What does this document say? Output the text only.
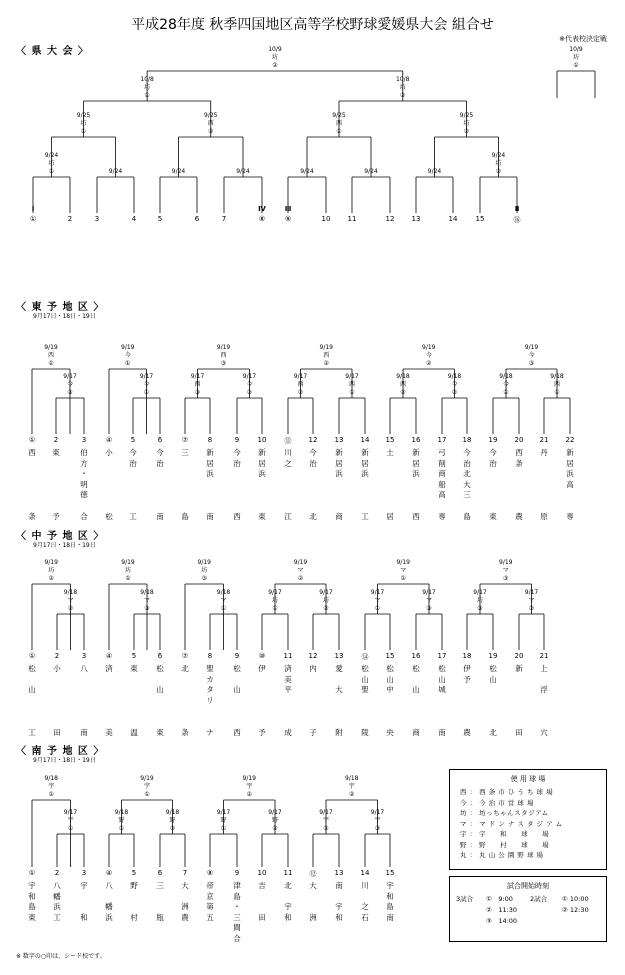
平成28年度 秋季四国地区高等学校野球愛媛県大会 組合せ
※代表校決定戦
〈 県 大 会 〉
〈 東 予 地 区 〉
9月17日・18日・19日
〈 中 予 地 区 〉
9月17日・18日・19日
〈 南 予 地 区 〉
9月17日・18日・19日
①	2	3	4	5	6	7	⑧	⑨	10	11	12	13	14	15	⑯
Ⅰ	Ⅳ	Ⅲ	Ⅱ
9/24
坊
①	9/24	9/24	9/24	9/24	9/24	9/24
9/24
坊
②
9/25
坊
①
9/25
西
②
9/25
西
①
9/25
坊
②
10/8
坊
①
10/8
坊
②
10/9
坊
②
10/9
坊
①
①
西

条
2
東

予
3
伯
方
・
明
徳
合
④
小

松
5
今
治

工
6
今
治

南
⑦
三

島
8
新
居
浜

南
9
今
治

西
10
新
居
浜

東
⑪
川
之

江
12
今
治

北
13
新
居
浜

商
14
新
居
浜

工
15
土

居
16
新
居
浜

西
17
弓
削
商
船
高
専
18
今
治
北
大
三
島
19
今
治

東
20
西
条

農
21
丹

原
22
新
居
浜
高

専
9/17
今
③
9/19
西
①
9/17
今
①
9/19
今
①
9/17
西
③
9/17
今
②
9/19
西
③
9/17
西
②
9/17
西
①
9/19
西
②
9/18
西
②
9/18
今
②
9/19
今
②
9/18
今
①
9/18
西
①
9/19
今
③
①
松

山

工
2
小

田
3
八

南
④
済

美
5
東

温
6
松

山

東
⑦
北

条
8
聖
カ
タ
リ

ナ
9
松

山

西
⑩
伊

予
11
済
美
平

成
12
内

子
13
愛

大

附
⑭
松
山
聖

陵
15
松
山
中

央
16
松

山

商
17
松
山
城

南
18
伊
予

農
19
松
山

北
20
新

田
21
上

浮

穴
9/18
マ
②
9/19
坊
②
9/18
マ
③
9/19
坊
①
9/18
マ
①
9/19
坊
③
9/17
坊
①
9/17
坊
②
9/19
マ
②
9/17
マ
①
9/17
マ
③
9/19
マ
①
9/17
坊
③
9/17
マ
②
9/19
マ
③
①
宇
和
島
東
2
八
幡
浜
工
3
宇

和
④
八

幡
浜
5
野

村
6
三

瓶
7
大

洲
農
⑧
帝
京
第
五
9
津
島
・
三
間
合
10
吉

田
11
北

宇
和
⑫
大

洲
13
南

宇
和
14
川

之
石
15
宇
和
島
南
9/17
宇
①
9/18
宇
①
9/18
野
①
9/18
野
②
9/19
宇
①
9/17
野
①
9/17
野
②
9/19
宇
②
9/17
宇
②
9/17
宇
③
9/18
宇
②
使 用 球 場
西 ： 西 条 市 ひ う ち 球 場
今 ： 今 治 市 営 球 場
坊 ： 坊っちゃんスタジアム
マ ： マ ド ン ナ ス タ ジ ア ム
宇 ： 宇　　和　　球　　場
野 ： 野　　村　　球　　場
丸 ： 丸 山 公 園 野 球 場
試合開始時刻
3試合 ①　9:00	2試合 ① 10:00
②　11:30	② 12:30
③　14:00
※ 数字の○印は、シード校です。
